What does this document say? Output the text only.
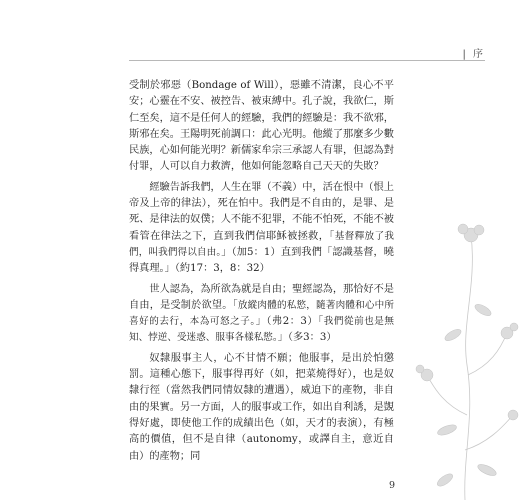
| 序

受制於邪惡（Bondage of Will），惡雖不清潔，良心不平安；心靈在不安、被控告、被束縛中。孔子說，我欲仁，斯仁至矣，這不是任何人的經驗，我們的經驗是：我不欲邪，斯邪在矣。王陽明死前調口：此心光明。他縱了那麼多少數民族，心如何能光明？新儒家牟宗三承認人有罪，但認為對付罪，人可以自力救濟，他如何能忽略自己天天的失敗？

經驗告訴我們，人生在罪（不義）中，活在恨中（恨上帝及上帝的律法），死在怕中。我們是不自由的，是罪、是死、是律法的奴僕；人不能不犯罪，不能不怕死，不能不被看管在律法之下，直到我們信耶穌被拯救，「基督釋放了我們，叫我們得以自由。」（加5：1）直到我們「認識基督，曉得真理。」（約17：3，8：32）

世人認為，為所欲為就是自由；聖經認為，那恰好不是自由，是受制於欲望。「放縱肉體的私慾，隨著肉體和心中所喜好的去行，本為可怒之子。」（弗2：3）「我們從前也是無知、悖逆、受迷惑、服事各樣私慾。」（多3：3）

奴隸服事主人，心不甘情不願；他服事，是出於怕懲罰。這種心態下，服事得再好（如，把菜燒得好），也是奴隸行徑（當然我們同情奴隸的遭遇），威迫下的產物，非自由的果實。另一方面，人的服事或工作，如出自利誘，是覬得好處，即使他工作的成績出色（如，天才的表演），有極高的價值，但不是自律（autonomy，或譯自主，意近自由）的產物；同

9
